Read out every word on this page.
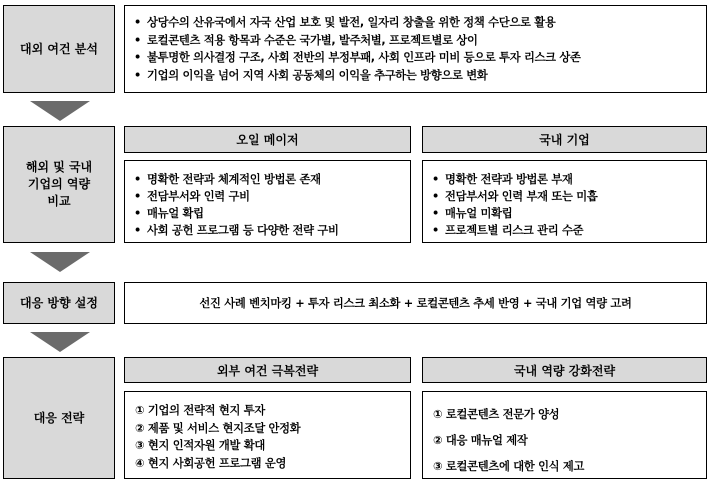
대외 여건 분석
• 상당수의 산유국에서 자국 산업 보호 및 발전, 일자리 창출을 위한 정책 수단으로 활용
• 로컬콘텐츠 적용 항목과 수준은 국가별, 발주처별, 프로젝트별로 상이
• 불투명한 의사결정 구조, 사회 전반의 부정부패, 사회 인프라 미비 등으로 투자 리스크 상존
• 기업의 이익을 넘어 지역 사회 공동체의 이익을 추구하는 방향으로 변화
해외 및 국내
기업의 역량
비교
오일 메이저
• 명확한 전략과 체계적인 방법론 존재
• 전담부서와 인력 구비
• 매뉴얼 확립
• 사회 공헌 프로그램 등 다양한 전략 구비
국내 기업
• 명확한 전략과 방법론 부재
• 전담부서와 인력 부재 또는 미흡
• 매뉴얼 미확립
• 프로젝트별 리스크 관리 수준
대응 방향 설정	선진 사례 벤치마킹 + 투자 리스크 최소화 + 로컬콘텐츠 추세 반영 + 국내 기업 역량 고려
대응 전략
외부 여건 극복전략
① 기업의 전략적 현지 투자
② 제품 및 서비스 현지조달 안정화
③ 현지 인적자원 개발 확대
④ 현지 사회공헌 프로그램 운영
국내 역량 강화전략
① 로컬콘텐츠 전문가 양성
② 대응 매뉴얼 제작
③ 로컬콘텐츠에 대한 인식 제고
